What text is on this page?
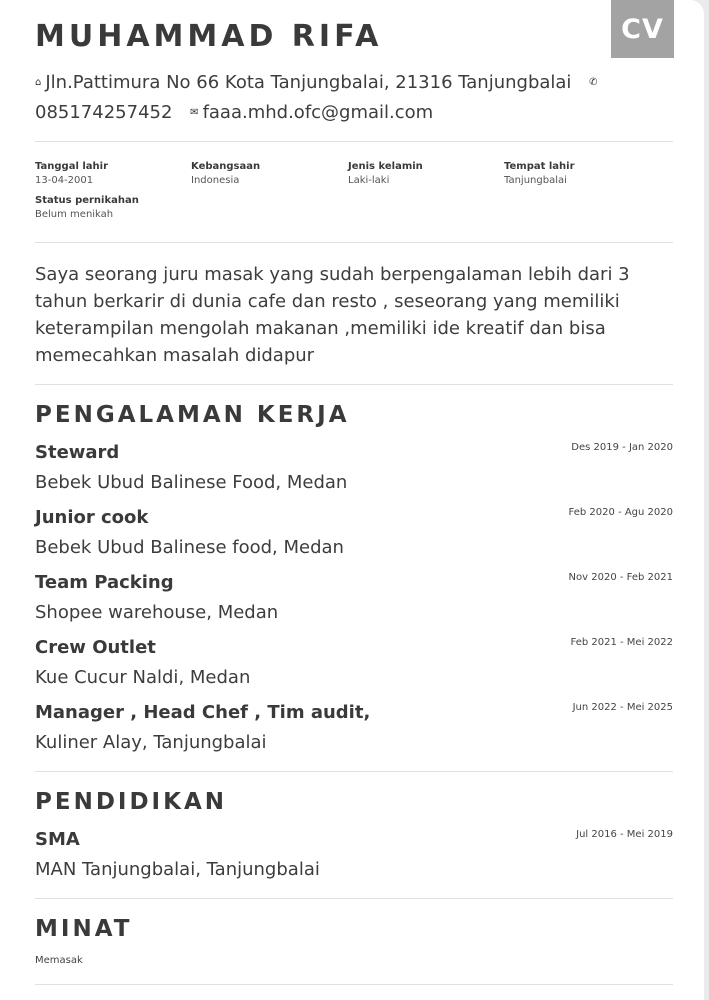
CV
MUHAMMAD RIFA
⌂ Jln.Pattimura No 66 Kota Tanjungbalai, 21316 Tanjungbalai ✆
085174257452 ✉ faaa.mhd.ofc@gmail.com
Tanggal lahir
13-04-2001
Kebangsaan
Indonesia
Jenis kelamin
Laki-laki
Tempat lahir
Tanjungbalai
Status pernikahan
Belum menikah
Saya seorang juru masak yang sudah berpengalaman lebih dari 3 tahun berkarir di dunia cafe dan resto , seseorang yang memiliki keterampilan mengolah makanan ,memiliki ide kreatif dan bisa memecahkan masalah didapur
PENGALAMAN KERJA
Steward
Bebek Ubud Balinese Food, Medan
Des 2019 - Jan 2020
Junior cook
Bebek Ubud Balinese food, Medan
Feb 2020 - Agu 2020
Team Packing
Shopee warehouse, Medan
Nov 2020 - Feb 2021
Crew Outlet
Kue Cucur Naldi, Medan
Feb 2021 - Mei 2022
Manager , Head Chef , Tim audit,
Kuliner Alay, Tanjungbalai
Jun 2022 - Mei 2025
PENDIDIKAN
SMA
MAN Tanjungbalai, Tanjungbalai
Jul 2016 - Mei 2019
MINAT
Memasak
